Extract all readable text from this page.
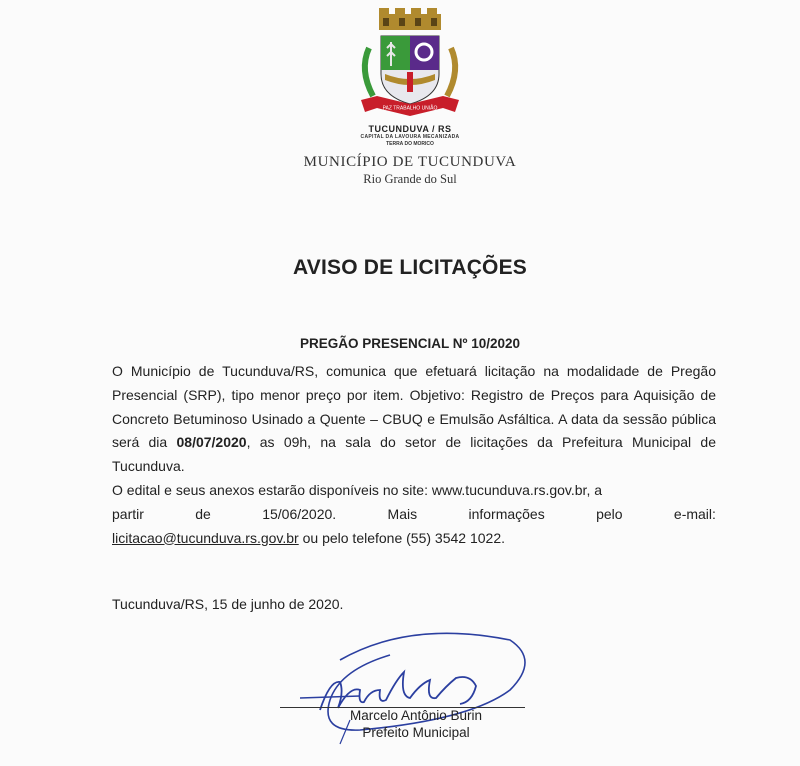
PAZ TRABALHO UNIÃO
TUCUNDUVA / RS
CAPITAL DA LAVOURA MECANIZADA
TERRA DO MORICO
MUNICÍPIO DE TUCUNDUVA
Rio Grande do Sul
AVISO DE LICITAÇÕES
PREGÃO PRESENCIAL Nº 10/2020

O Município de Tucunduva/RS, comunica que efetuará licitação na modalidade de Pregão Presencial (SRP), tipo menor preço por item. Objetivo: Registro de Preços para Aquisição de Concreto Betuminoso Usinado a Quente – CBUQ e Emulsão Asfáltica. A data da sessão pública será dia 08/07/2020, as 09h, na sala do setor de licitações da Prefeitura Municipal de Tucunduva.

O edital e seus anexos estarão disponíveis no site: www.tucunduva.rs.gov.br, a
partir	de	15/06/2020.	Mais	informações	pelo	e-mail:
licitacao@tucunduva.rs.gov.br ou pelo telefone (55) 3542 1022.

Tucunduva/RS, 15 de junho de 2020.
Marcelo Antônio Burin
Prefeito Municipal
